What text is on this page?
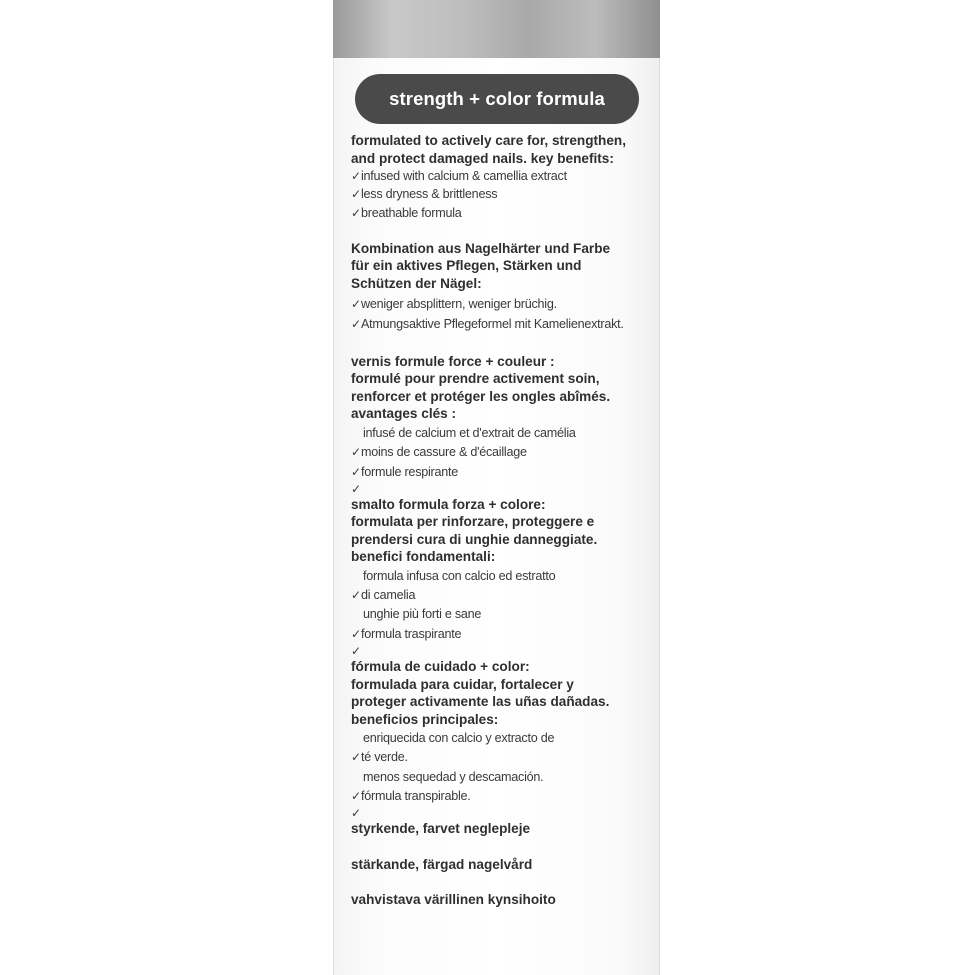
strength + color formula

formulated to actively care for, strengthen,

and protect damaged nails. key benefits:

✓infused with calcium & camellia extract
✓less dryness & brittleness
✓breathable formula

Kombination aus Nagelhärter und Farbe

für ein aktives Pflegen, Stärken und

Schützen der Nägel:

✓weniger absplittern, weniger brüchig.
✓Atmungsaktive Pflegeformel mit Kamelienextrakt.

vernis formule force + couleur :

formulé pour prendre activement soin,

renforcer et protéger les ongles abîmés.

avantages clés :

infusé de calcium et d'extrait de camélia
✓moins de cassure & d'écaillage
✓formule respirante
✓

smalto formula forza + colore:

formulata per rinforzare, proteggere e

prendersi cura di unghie danneggiate.

benefici fondamentali:

formula infusa con calcio ed estratto
✓di camelia
unghie più forti e sane
✓formula traspirante
✓

fórmula de cuidado + color:

formulada para cuidar, fortalecer y

proteger activamente las uñas dañadas.

beneficios principales:

enriquecida con calcio y extracto de
✓té verde.
menos sequedad y descamación.
✓fórmula transpirable.
✓

styrkende, farvet neglepleje

stärkande, färgad nagelvård

vahvistava värillinen kynsihoito
